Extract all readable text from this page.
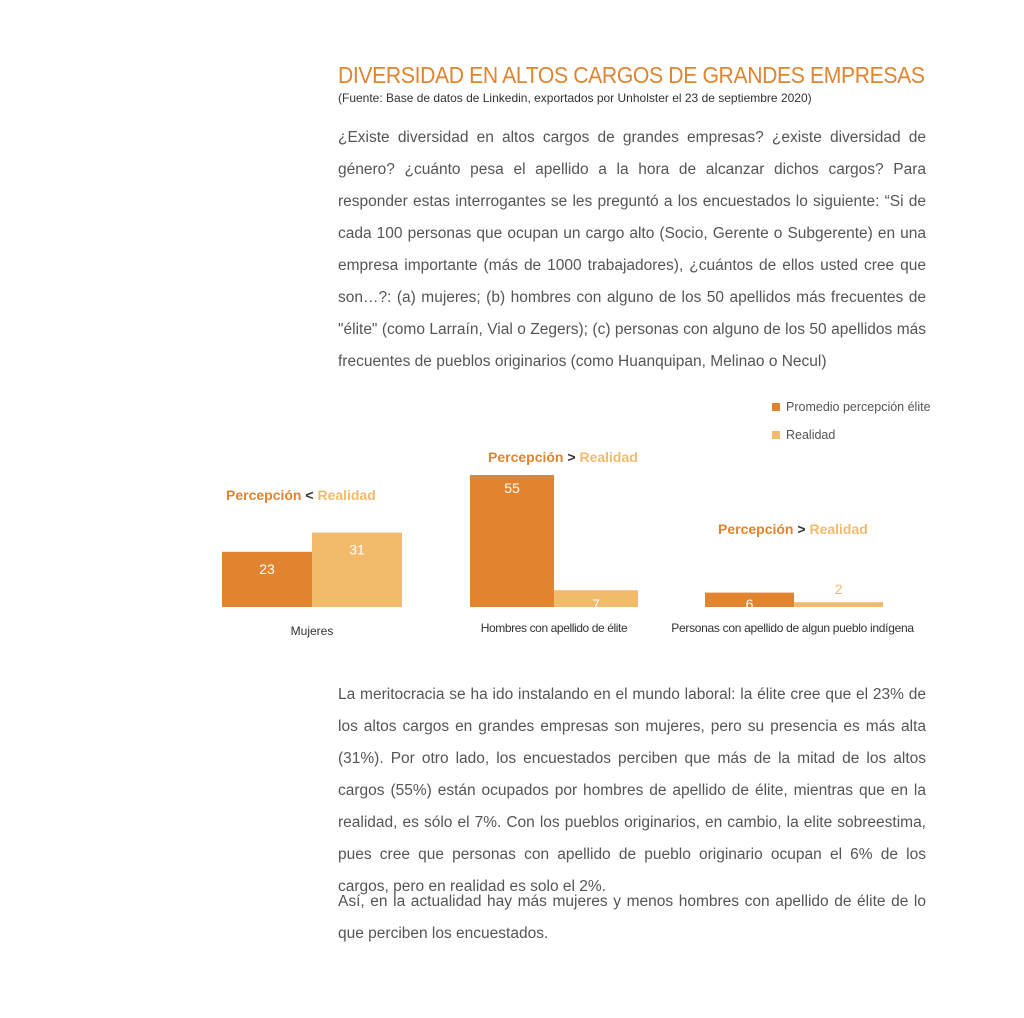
DIVERSIDAD EN ALTOS CARGOS DE GRANDES EMPRESAS
(Fuente: Base de datos de Linkedin, exportados por Unholster el 23 de septiembre 2020)
¿Existe diversidad en altos cargos de grandes empresas? ¿existe diversidad de género? ¿cuánto pesa el apellido a la hora de alcanzar dichos cargos? Para responder estas interrogantes se les preguntó a los encuestados lo siguiente: “Si de cada 100 personas que ocupan un cargo alto (Socio, Gerente o Subgerente) en una empresa importante (más de 1000 trabajadores), ¿cuántos de ellos usted cree que son…?: (a) mujeres; (b) hombres con alguno de los 50 apellidos más frecuentes de "élite" (como Larraín, Vial o Zegers); (c) personas con alguno de los 50 apellidos más frecuentes de pueblos originarios (como Huanquipan, Melinao o Necul)
Promedio percepción élite
Realidad
Percepción < Realidad
Percepción > Realidad
Percepción > Realidad
23
55
6
31
7
2
Mujeres	Hombres con apellido de élite	Personas con apellido de algun pueblo indígena
La meritocracia se ha ido instalando en el mundo laboral: la élite cree que el 23% de los altos cargos en grandes empresas son mujeres, pero su presencia es más alta (31%). Por otro lado, los encuestados perciben que más de la mitad de los altos cargos (55%) están ocupados por hombres de apellido de élite, mientras que en la realidad, es sólo el 7%. Con los pueblos originarios, en cambio, la elite sobreestima, pues cree que personas con apellido de pueblo originario ocupan el 6% de los cargos, pero en realidad es solo el 2%.
Así, en la actualidad hay más mujeres y menos hombres con apellido de élite de lo que perciben los encuestados.
